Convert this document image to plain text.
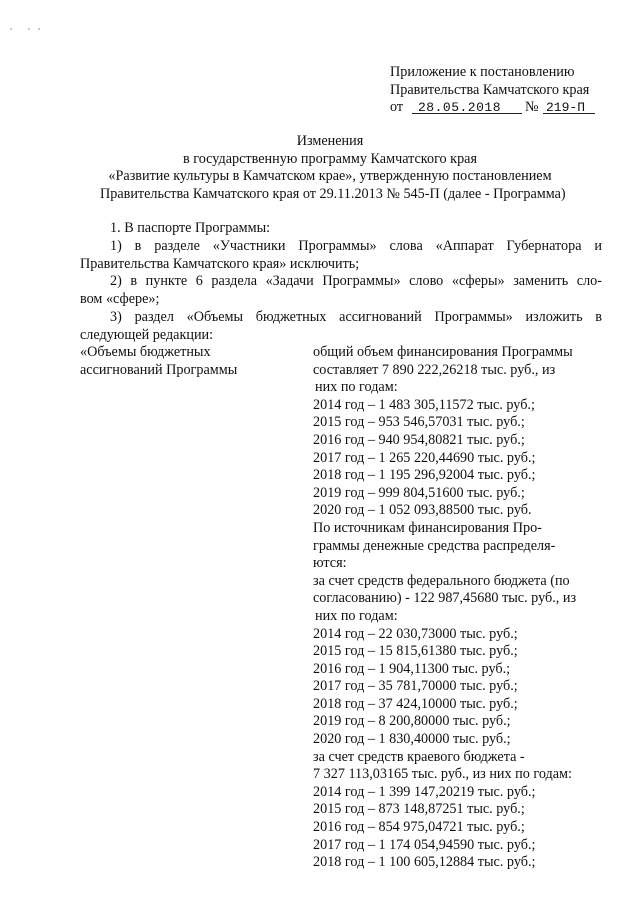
Приложение к постановлению
Правительства Камчатского края
от	28.05.2018	№ 219-П
Изменения
в государственную программу Камчатского края
«Развитие культуры в Камчатском крае», утвержденную постановлением
Правительства Камчатского края от 29.11.2013 № 545-П (далее - Программа)
1. В паспорте Программы:
1) в разделе «Участники Программы» слова «Аппарат Губернатора и
Правительства Камчатского края» исключить;
2) в пункте 6 раздела «Задачи Программы» слово «сферы» заменить сло-
вом «сфере»;
3) раздел «Объемы бюджетных ассигнований Программы» изложить в
следующей редакции:
«Объемы бюджетных
ассигнований Программы
общий объем финансирования Программы
составляет 7 890 222,26218 тыс. руб., из
них по годам:
2014 год – 1 483 305,11572 тыс. руб.;
2015 год – 953 546,57031 тыс. руб.;
2016 год – 940 954,80821 тыс. руб.;
2017 год – 1 265 220,44690 тыс. руб.;
2018 год – 1 195 296,92004 тыс. руб.;
2019 год – 999 804,51600 тыс. руб.;
2020 год – 1 052 093,88500 тыс. руб.
По источникам финансирования Про-
граммы денежные средства распределя-
ются:
за счет средств федерального бюджета (по
согласованию) - 122 987,45680 тыс. руб., из
них по годам:
2014 год – 22 030,73000 тыс. руб.;
2015 год – 15 815,61380 тыс. руб.;
2016 год – 1 904,11300 тыс. руб.;
2017 год – 35 781,70000 тыс. руб.;
2018 год – 37 424,10000 тыс. руб.;
2019 год – 8 200,80000 тыс. руб.;
2020 год – 1 830,40000 тыс. руб.;
за счет средств краевого бюджета -
7 327 113,03165 тыс. руб., из них по годам:
2014 год – 1 399 147,20219 тыс. руб.;
2015 год – 873 148,87251 тыс. руб.;
2016 год – 854 975,04721 тыс. руб.;
2017 год – 1 174 054,94590 тыс. руб.;
2018 год – 1 100 605,12884 тыс. руб.;
